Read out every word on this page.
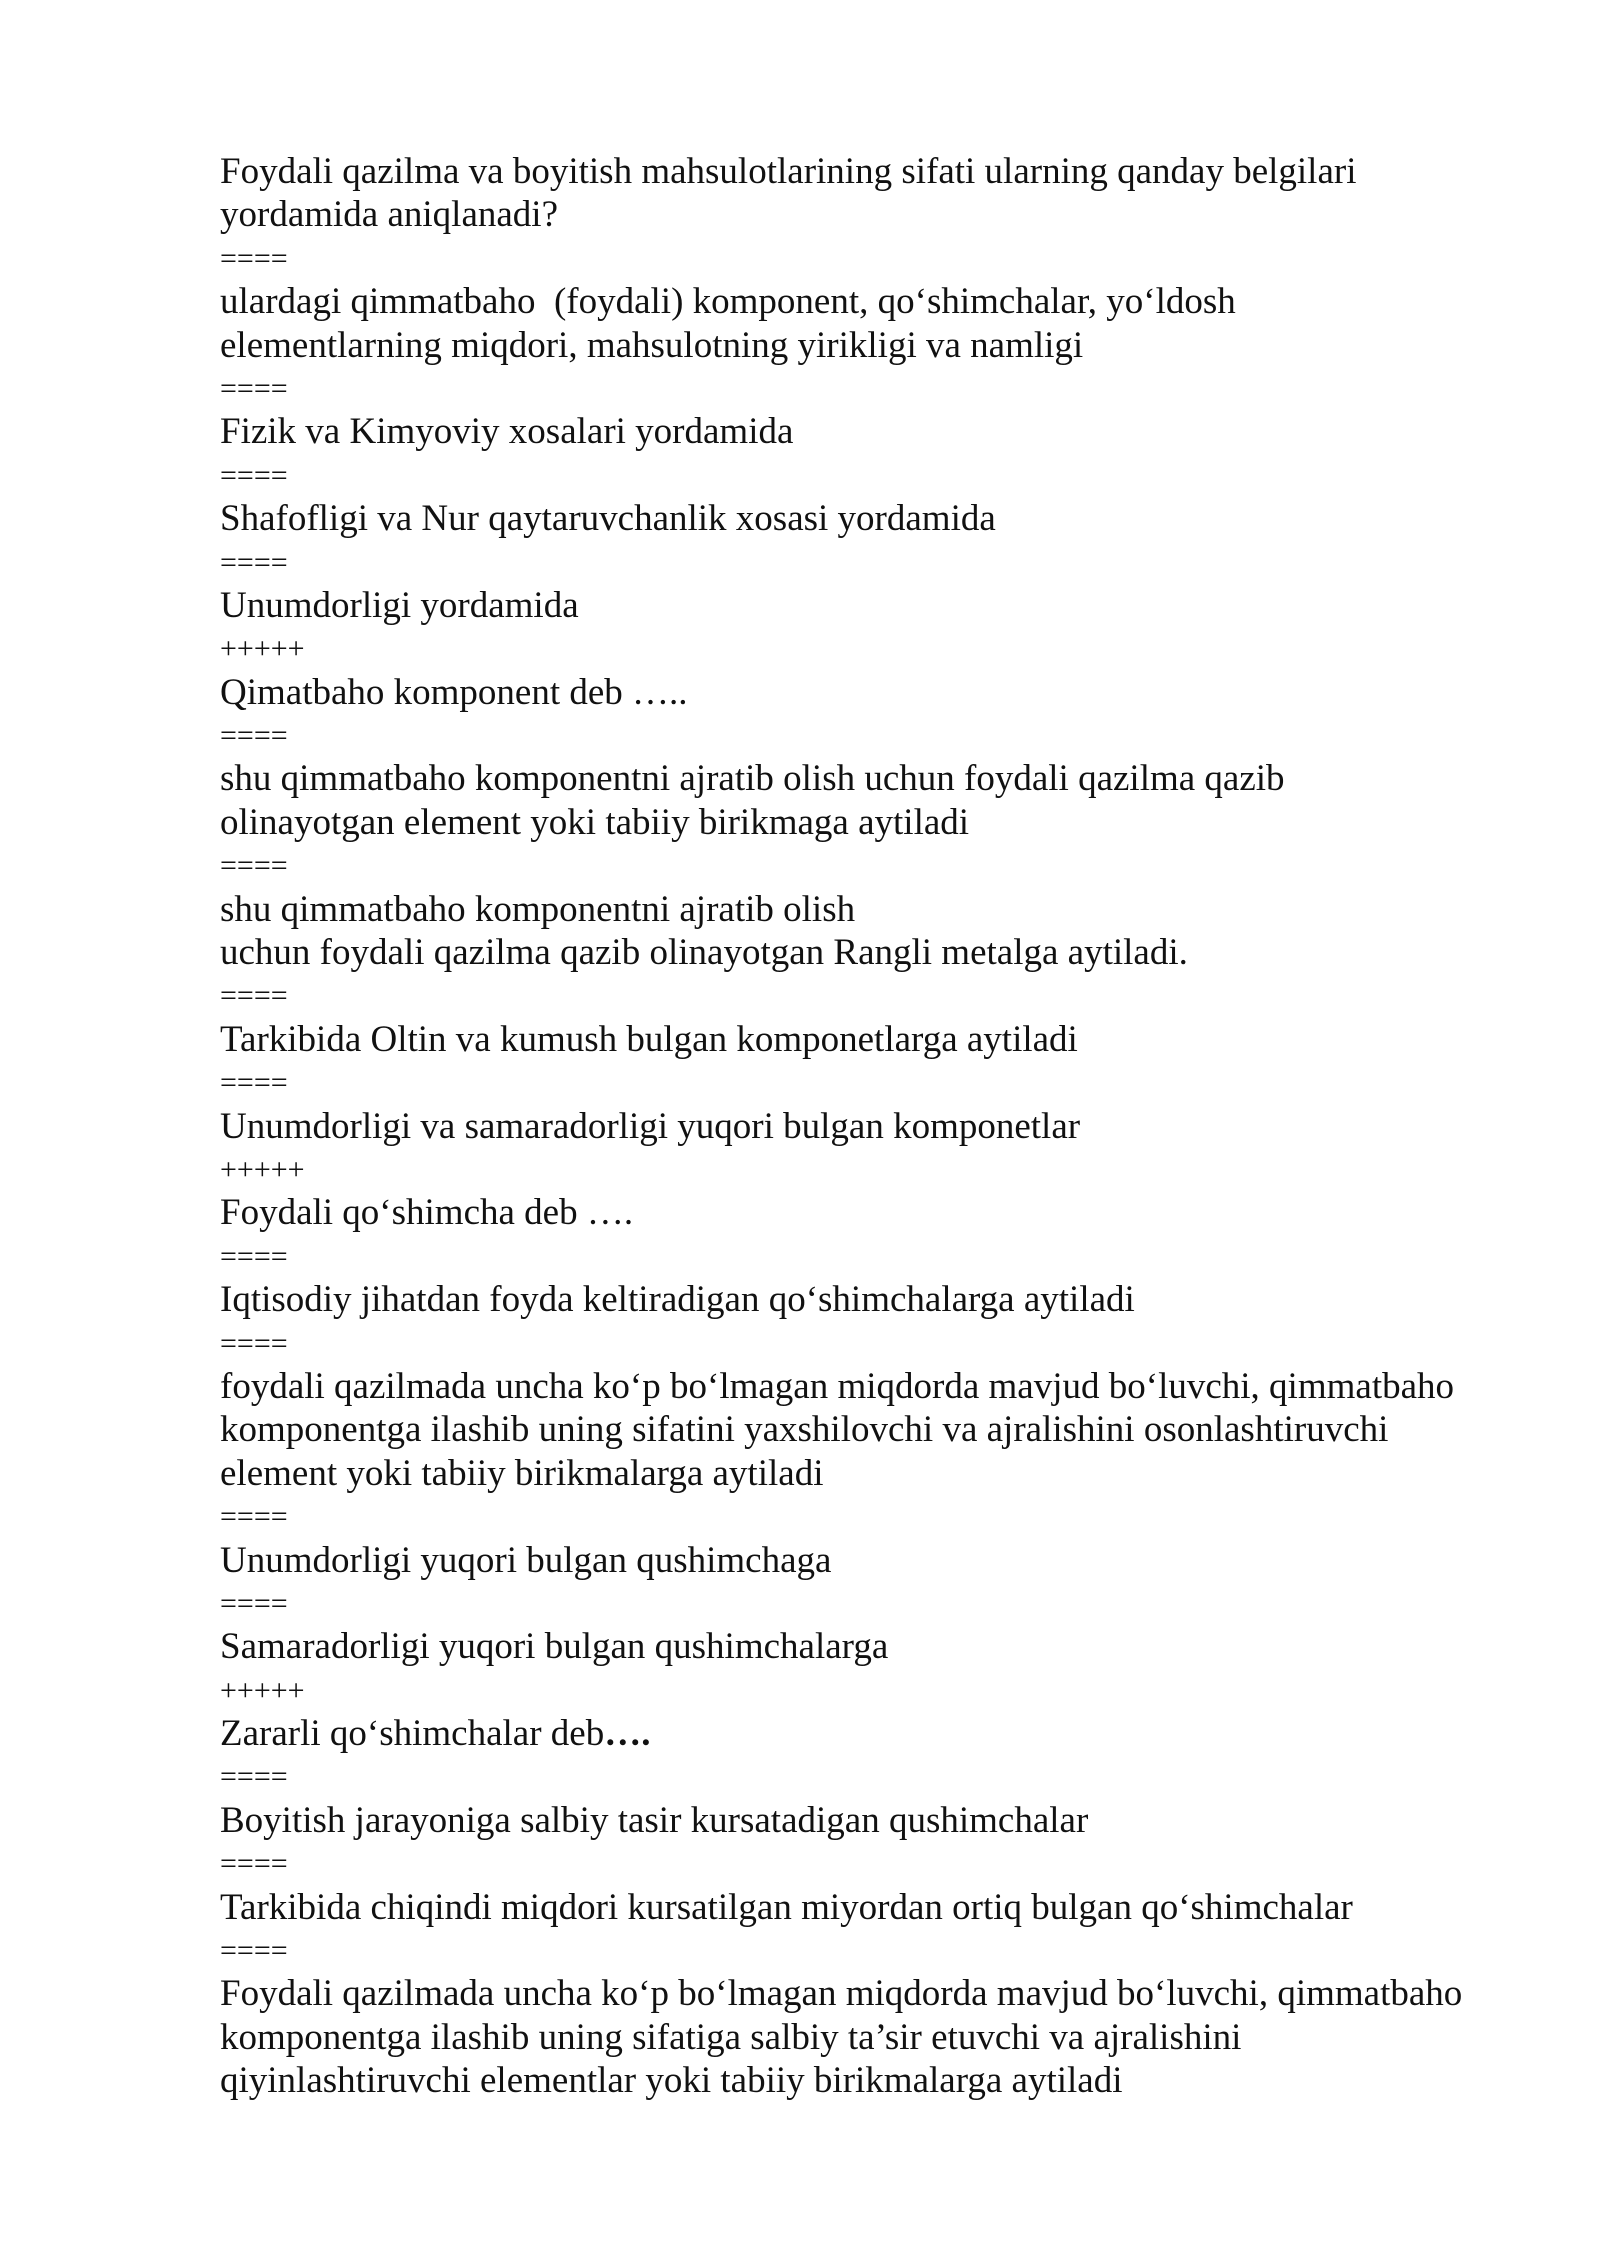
Foydali qazilma va boyitish mahsulotlarining sifati ularning qanday belgilari
yordamida aniqlanadi?
====
ulardagi qimmatbaho  (foydali) komponent, qo‘shimchalar, yo‘ldosh
elementlarning miqdori, mahsulotning yirikligi va namligi
====
Fizik va Kimyoviy xosalari yordamida
====
Shafofligi va Nur qaytaruvchanlik xosasi yordamida
====
Unumdorligi yordamida
+++++
Qimatbaho komponent deb …..
====
shu qimmatbaho komponentni ajratib olish uchun foydali qazilma qazib
olinayotgan element yoki tabiiy birikmaga aytiladi
====
shu qimmatbaho komponentni ajratib olish
uchun foydali qazilma qazib olinayotgan Rangli metalga aytiladi.
====
Tarkibida Oltin va kumush bulgan komponetlarga aytiladi
====
Unumdorligi va samaradorligi yuqori bulgan komponetlar
+++++
Foydali qo‘shimcha deb ….
====
Iqtisodiy jihatdan foyda keltiradigan qo‘shimchalarga aytiladi
====
foydali qazilmada uncha ko‘p bo‘lmagan miqdorda mavjud bo‘luvchi, qimmatbaho
komponentga ilashib uning sifatini yaxshilovchi va ajralishini osonlashtiruvchi
element yoki tabiiy birikmalarga aytiladi
====
Unumdorligi yuqori bulgan qushimchaga
====
Samaradorligi yuqori bulgan qushimchalarga
+++++
Zararli qo‘shimchalar deb….
====
Boyitish jarayoniga salbiy tasir kursatadigan qushimchalar
====
Tarkibida chiqindi miqdori kursatilgan miyordan ortiq bulgan qo‘shimchalar
====
Foydali qazilmada uncha ko‘p bo‘lmagan miqdorda mavjud bo‘luvchi, qimmatbaho
komponentga ilashib uning sifatiga salbiy ta’sir etuvchi va ajralishini
qiyinlashtiruvchi elementlar yoki tabiiy birikmalarga aytiladi
